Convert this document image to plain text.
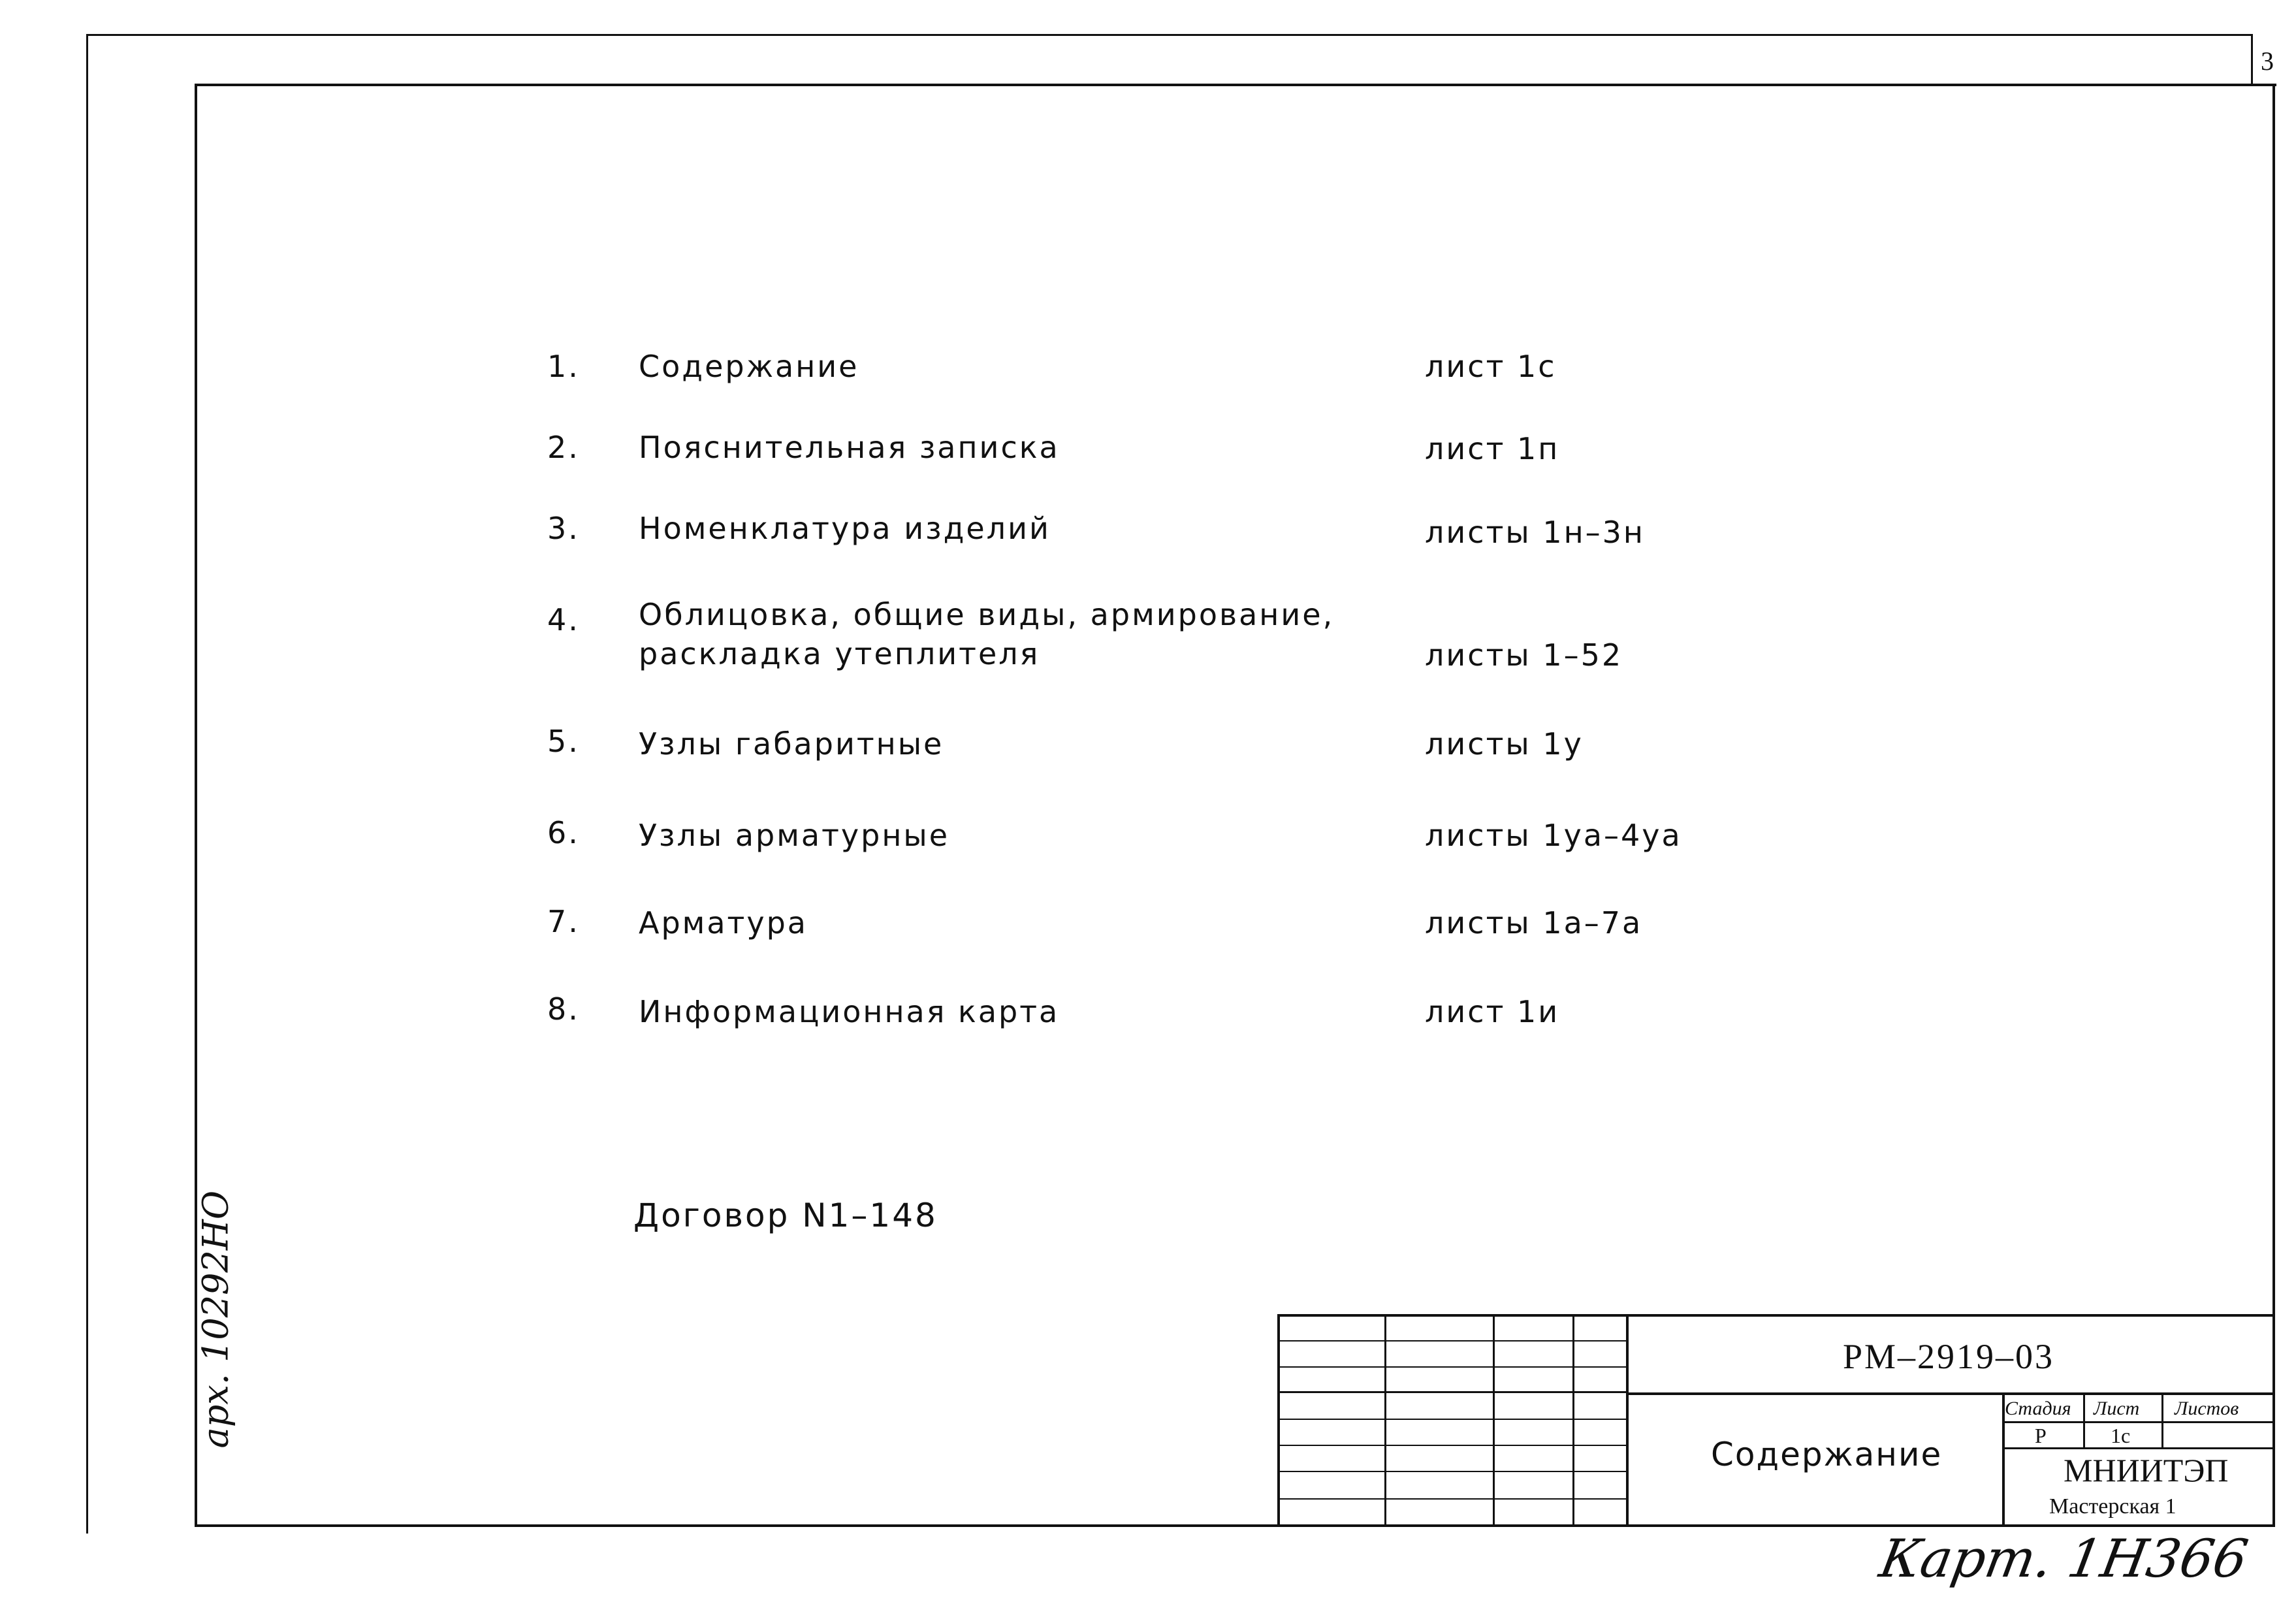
3
1. Содержание	лист 1с
2. Пояснительная записка	лист 1п
3. Номенклатура изделий	листы 1н–3н
4. Облицовка, общие виды, армирование,
раскладка утеплителя	листы 1–52
5. Узлы габаритные	листы 1у
6. Узлы арматурные	листы 1уа–4уа
7. Арматура	листы 1а–7а
8. Информационная карта	лист 1и
Договор N1–148
арх. 10292НО	РМ–2919–03
Содержание
Стадия Лист Листов
Р	1с
МНИИТЭП
Мастерская 1
Карт. 1Н366
